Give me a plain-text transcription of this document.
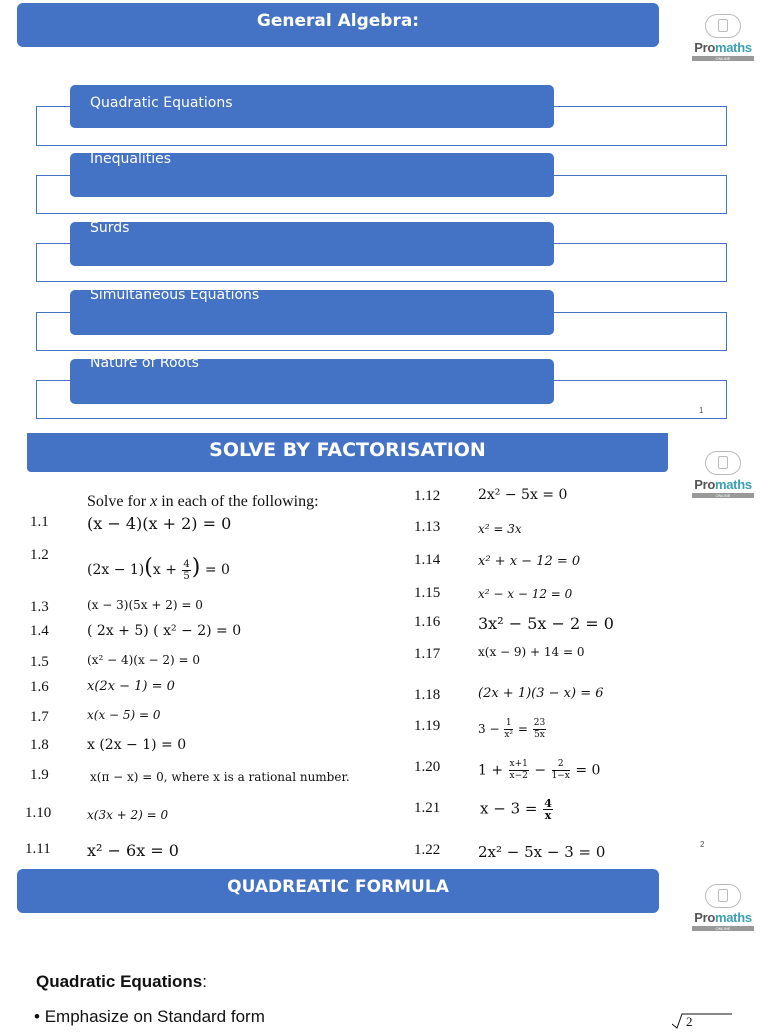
General Algebra:
Promaths
ONLINE
Quadratic Equations
Inequalities
Surds
Simultaneous Equations
Nature of Roots
1
SOLVE BY FACTORISATION
Promaths
ONLINE
Solve for x in each of the following:
1.1
1.2
1.3
1.4
1.5
1.6
1.7
1.8
1.9
1.10
1.11
(x − 4)(x + 2) = 0
$(2x - 1)(x + \frac{4}{5}$ ) = 0
(x − 3)(5x + 2) = 0
( 2x + 5) ( x² − 2) = 0
(x² − 4)(x − 2) = 0
x(2x − 1) = 0
x(x − 5) = 0
x (2x − 1) = 0
x(π − x) = 0, where x is a rational number.
x(3x + 2) = 0
x² − 6x = 0
1.12
1.13
1.14
1.15
1.16
1.17
1.18
1.19
1.20
1.21
1.22
2x² − 5x = 0
x² = 3x
x² + x − 12 = 0
x² − x − 12 = 0
3x² − 5x − 2 = 0
x(x − 9) + 14 = 0
(2x + 1)(3 − x) = 6
$3 - \frac{1}{\text{x²}} = \frac{23}{5x}$
$1 + \frac{x+1}{x-2} - \frac{2}{1-x} = 0$
$x - 3 = \frac{4}{x}$
2x² − 5x − 3 = 0	2
QUADREATIC FORMULA
Promaths
ONLINE
Quadratic Equations:
• Emphasize on Standard form	2
